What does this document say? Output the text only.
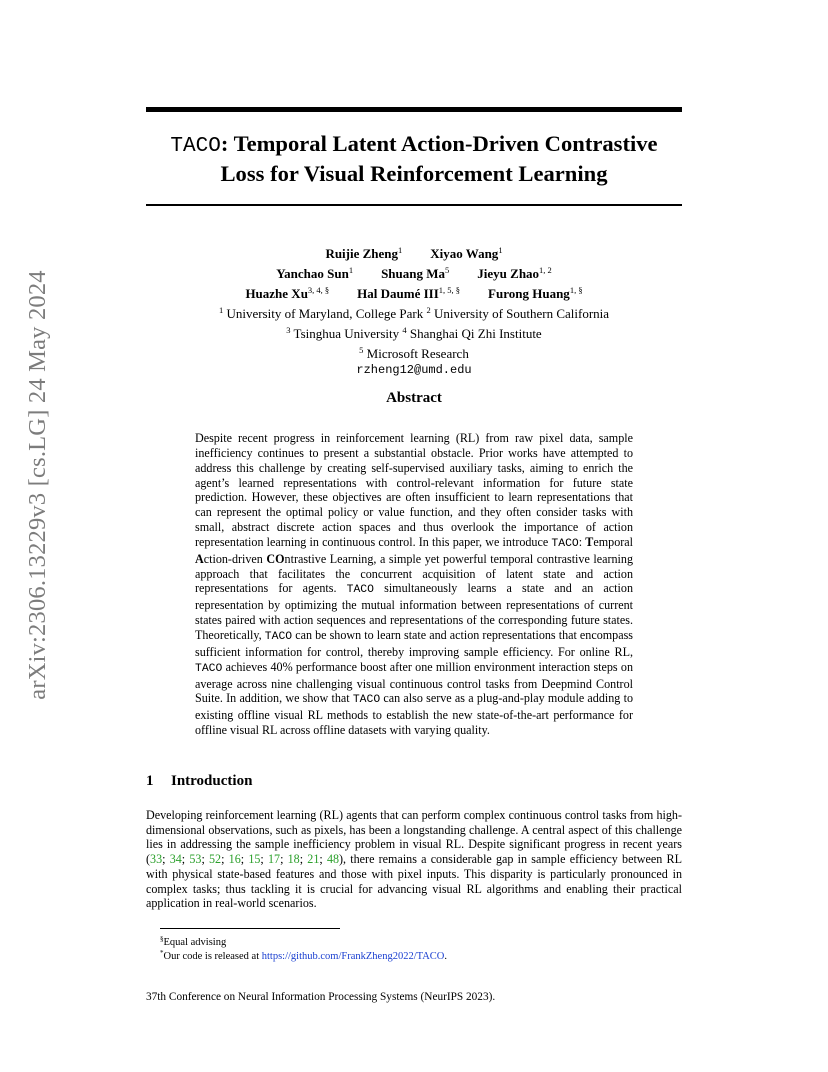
arXiv:2306.13229v3 [cs.LG] 24 May 2024
TACO: Temporal Latent Action-Driven Contrastive
Loss for Visual Reinforcement Learning
Ruijie Zheng$^1$ Xiyao Wang$^1$
Yanchao Sun$^1$ Shuang Ma$^5$ Jieyu Zhao$^{1, 2}$
Huazhe $Xu^{3, 4, \S}$ Hal Daumé $III^{1, 5, \S}$ Furong Huang$^{1, \S}$
$^1$ University of Maryland, College Park $^2$ University of Southern California
$^3$ Tsinghua University $^4$ Shanghai Qi Zhi Institute
$^5$ Microsoft Research
rzheng12@umd.edu
Abstract

Despite recent progress in reinforcement learning (RL) from raw pixel data, sample inefficiency continues to present a substantial obstacle. Prior works have attempted to address this challenge by creating self-supervised auxiliary tasks, aiming to enrich the agent’s learned representations with control-relevant information for future state prediction. However, these objectives are often insufficient to learn representations that can represent the optimal policy or value function, and they often consider tasks with small, abstract discrete action spaces and thus overlook the importance of action representation learning in continuous control. In this paper, we introduce TACO: Temporal Action-driven COntrastive Learning, a simple yet powerful temporal contrastive learning approach that facilitates the concurrent acquisition of latent state and action representations for agents. TACO simultaneously learns a state and an action representation by optimizing the mutual information between representations of current states paired with action sequences and representations of the corresponding future states. Theoretically, TACO can be shown to learn state and action representations that encompass sufficient information for control, thereby improving sample efficiency. For online RL, TACO achieves 40% performance boost after one million environment interaction steps on average across nine challenging visual continuous control tasks from Deepmind Control Suite. In addition, we show that TACO can also serve as a plug-and-play module adding to existing offline visual RL methods to establish the new state-of-the-art performance for offline visual RL across offline datasets with varying quality.

1 Introduction

Developing reinforcement learning (RL) agents that can perform complex continuous control tasks from high-dimensional observations, such as pixels, has been a longstanding challenge. A central aspect of this challenge lies in addressing the sample inefficiency problem in visual RL. Despite significant progress in recent years (33; 34; 53; 52; 16; 15; 17; 18; 21; 48), there remains a considerable gap in sample efficiency between RL with physical state-based features and those with pixel inputs. This disparity is particularly pronounced in complex tasks; thus tackling it is crucial for advancing visual RL algorithms and enabling their practical application in real-world scenarios.

§Equal advising
*Our code is released at https://github.com/FrankZheng2022/TACO.
37th Conference on Neural Information Processing Systems (NeurIPS 2023).
